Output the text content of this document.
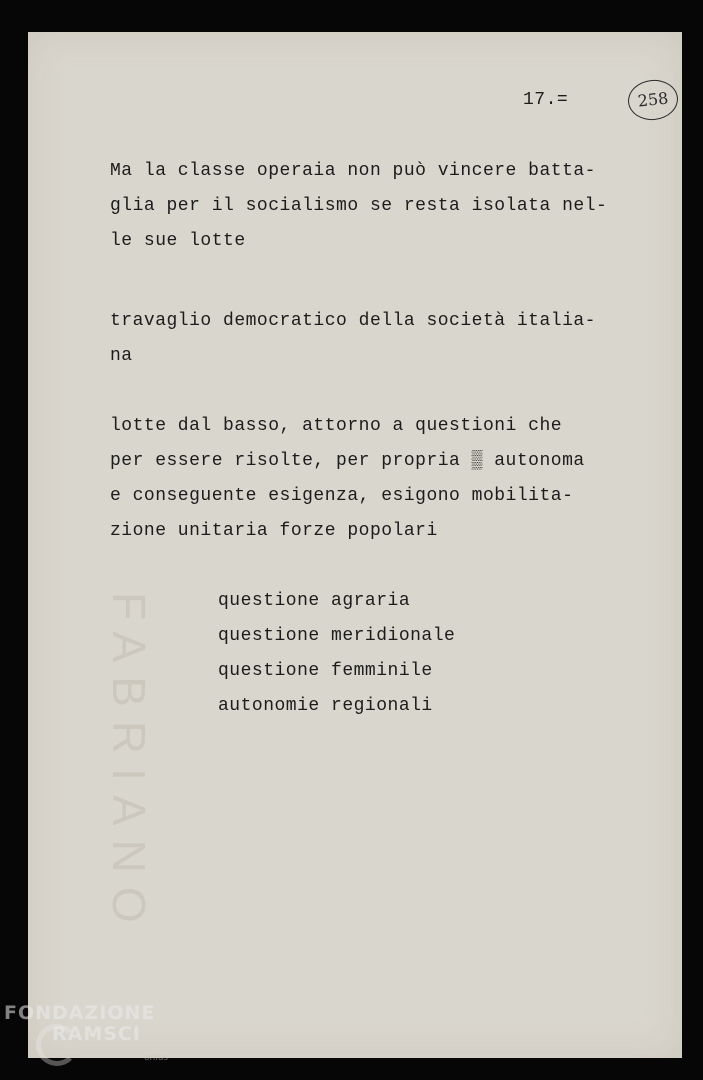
FABRIANO
258
17.=
Ma la classe operaia non può vincere batta-
glia per il socialismo se resta isolata nel-
le sue lotte
travaglio democratico della società italia-
na
lotte dal basso, attorno a questioni che
per essere risolte, per propria ▒ autonoma
e conseguente esigenza, esigono mobilita-
zione unitaria forze popolari
questione agraria
questione meridionale
questione femminile
autonomie regionali
FONDAZIONE
RAMSCI
onlus
